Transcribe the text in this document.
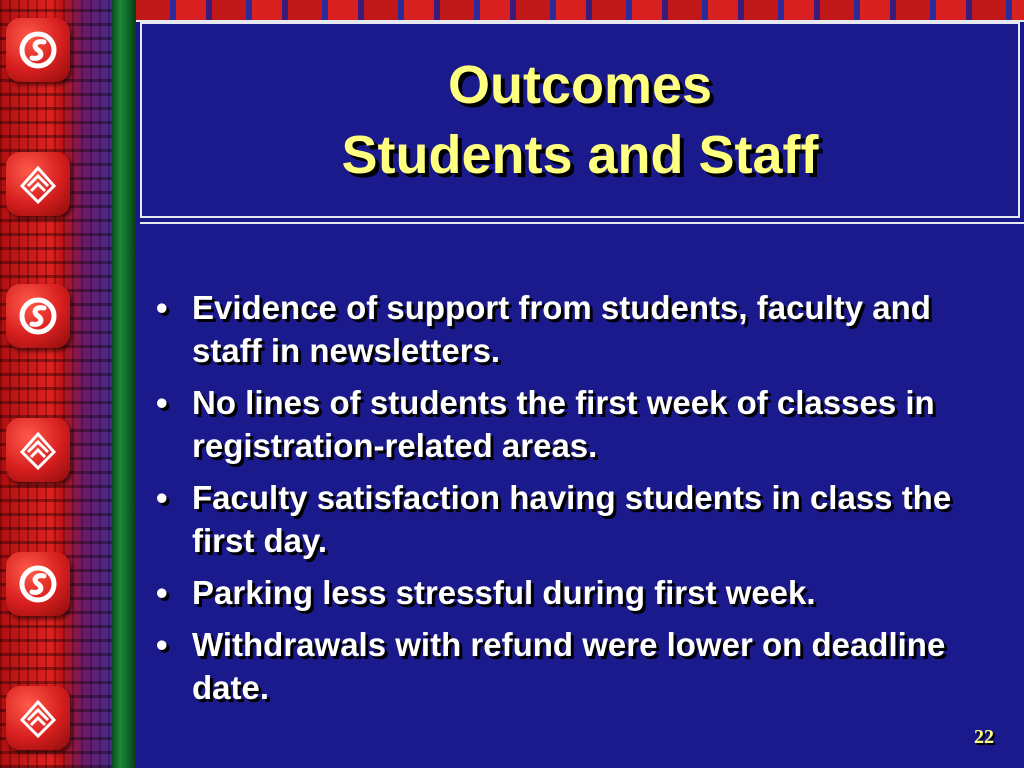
Outcomes
Students and Staff
• Evidence of support from students, faculty and staff in newsletters.
• No lines of students the first week of classes in registration-related areas.
• Faculty satisfaction having students in class the first day.
• Parking less stressful during first week.
• Withdrawals with refund were lower on deadline date.
22
